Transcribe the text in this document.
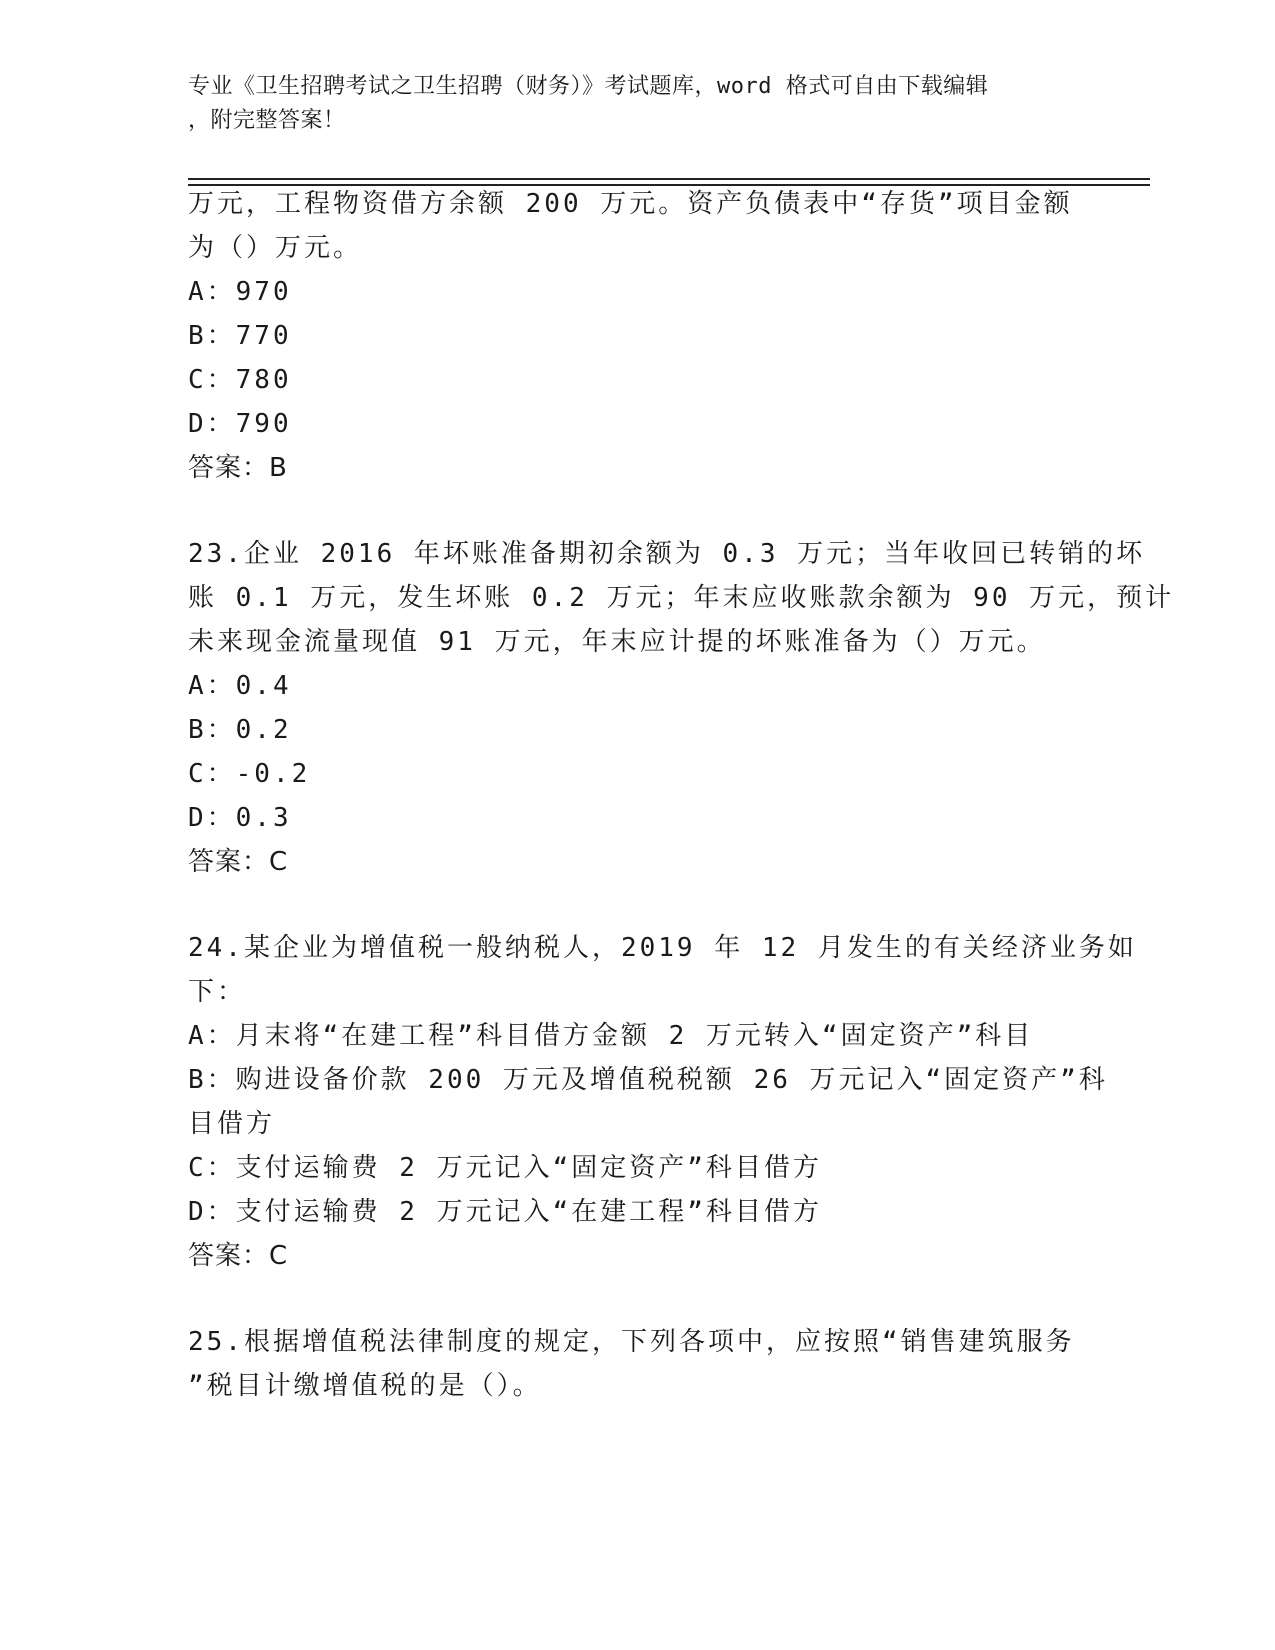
专业《卫生招聘考试之卫生招聘（财务）》考试题库，word 格式可自由下载编辑
，附完整答案！
万元，工程物资借方余额 200 万元。资产负债表中“存货”项目金额
为（）万元。
A：970
B：770
C：780
D：790
答案：B
23.企业 2016 年坏账准备期初余额为 0.3 万元；当年收回已转销的坏
账 0.1 万元，发生坏账 0.2 万元；年末应收账款余额为 90 万元，预计
未来现金流量现值 91 万元，年末应计提的坏账准备为（）万元。
A：0.4
B：0.2
C：-0.2
D：0.3
答案：C
24.某企业为增值税一般纳税人，2019 年 12 月发生的有关经济业务如
下：
A：月末将“在建工程”科目借方金额 2 万元转入“固定资产”科目
B：购进设备价款 200 万元及增值税税额 26 万元记入“固定资产”科
目借方
C：支付运输费 2 万元记入“固定资产”科目借方
D：支付运输费 2 万元记入“在建工程”科目借方
答案：C
25.根据增值税法律制度的规定，下列各项中，应按照“销售建筑服务
”税目计缴增值税的是（）。
